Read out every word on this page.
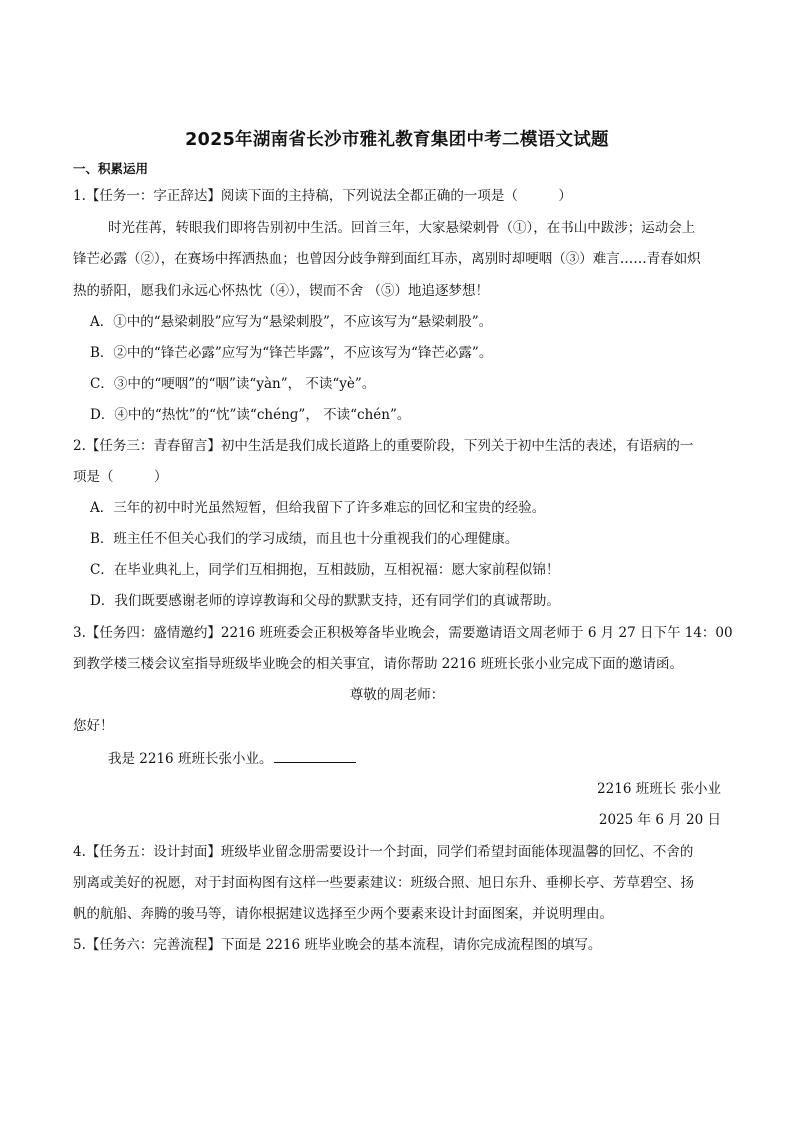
2025年湖南省长沙市雅礼教育集团中考二模语文试题
一、积累运用
1.【任务一：字正辞达】阅读下面的主持稿，下列说法全都正确的一项是（　　　）
时光荏苒，转眼我们即将告别初中生活。回首三年，大家悬梁刺骨（①），在书山中跋涉；运动会上
锋芒必露（②），在赛场中挥洒热血；也曾因分歧争辩到面红耳赤，离别时却哽咽（③）难言……青春如炽
热的骄阳，愿我们永远心怀热忱（④），锲而不舍 （⑤）地追逐梦想！
A．①中的“悬梁刺股”应写为“悬梁刺股”，不应该写为“悬梁刺股”。
B．②中的“锋芒必露”应写为“锋芒毕露”，不应该写为“锋芒必露”。
C．③中的“哽咽”的“咽”读“yàn”， 不读“yè”。
D．④中的“热忱”的“忱”读“chénɡ”， 不读“chén”。
2.【任务三：青春留言】初中生活是我们成长道路上的重要阶段，下列关于初中生活的表述，有语病的一
项是（　　　）
A．三年的初中时光虽然短暂，但给我留下了许多难忘的回忆和宝贵的经验。
B．班主任不但关心我们的学习成绩，而且也十分重视我们的心理健康。
C．在毕业典礼上，同学们互相拥抱，互相鼓励，互相祝福：愿大家前程似锦！
D．我们既要感谢老师的谆谆教诲和父母的默默支持，还有同学们的真诚帮助。
3.【任务四：盛情邀约】2216 班班委会正积极筹备毕业晚会，需要邀请语文周老师于 6 月 27 日下午 14：00
到教学楼三楼会议室指导班级毕业晚会的相关事宜，请你帮助 2216 班班长张小业完成下面的邀请函。
尊敬的周老师：
您好！
我是 2216 班班长张小业。
2216 班班长 张小业
2025 年 6 月 20 日
4.【任务五：设计封面】班级毕业留念册需要设计一个封面，同学们希望封面能体现温馨的回忆、不舍的
别离或美好的祝愿，对于封面构图有这样一些要素建议：班级合照、旭日东升、垂柳长亭、芳草碧空、扬
帆的航船、奔腾的骏马等，请你根据建议选择至少两个要素来设计封面图案，并说明理由。
5.【任务六：完善流程】下面是 2216 班毕业晚会的基本流程，请你完成流程图的填写。
